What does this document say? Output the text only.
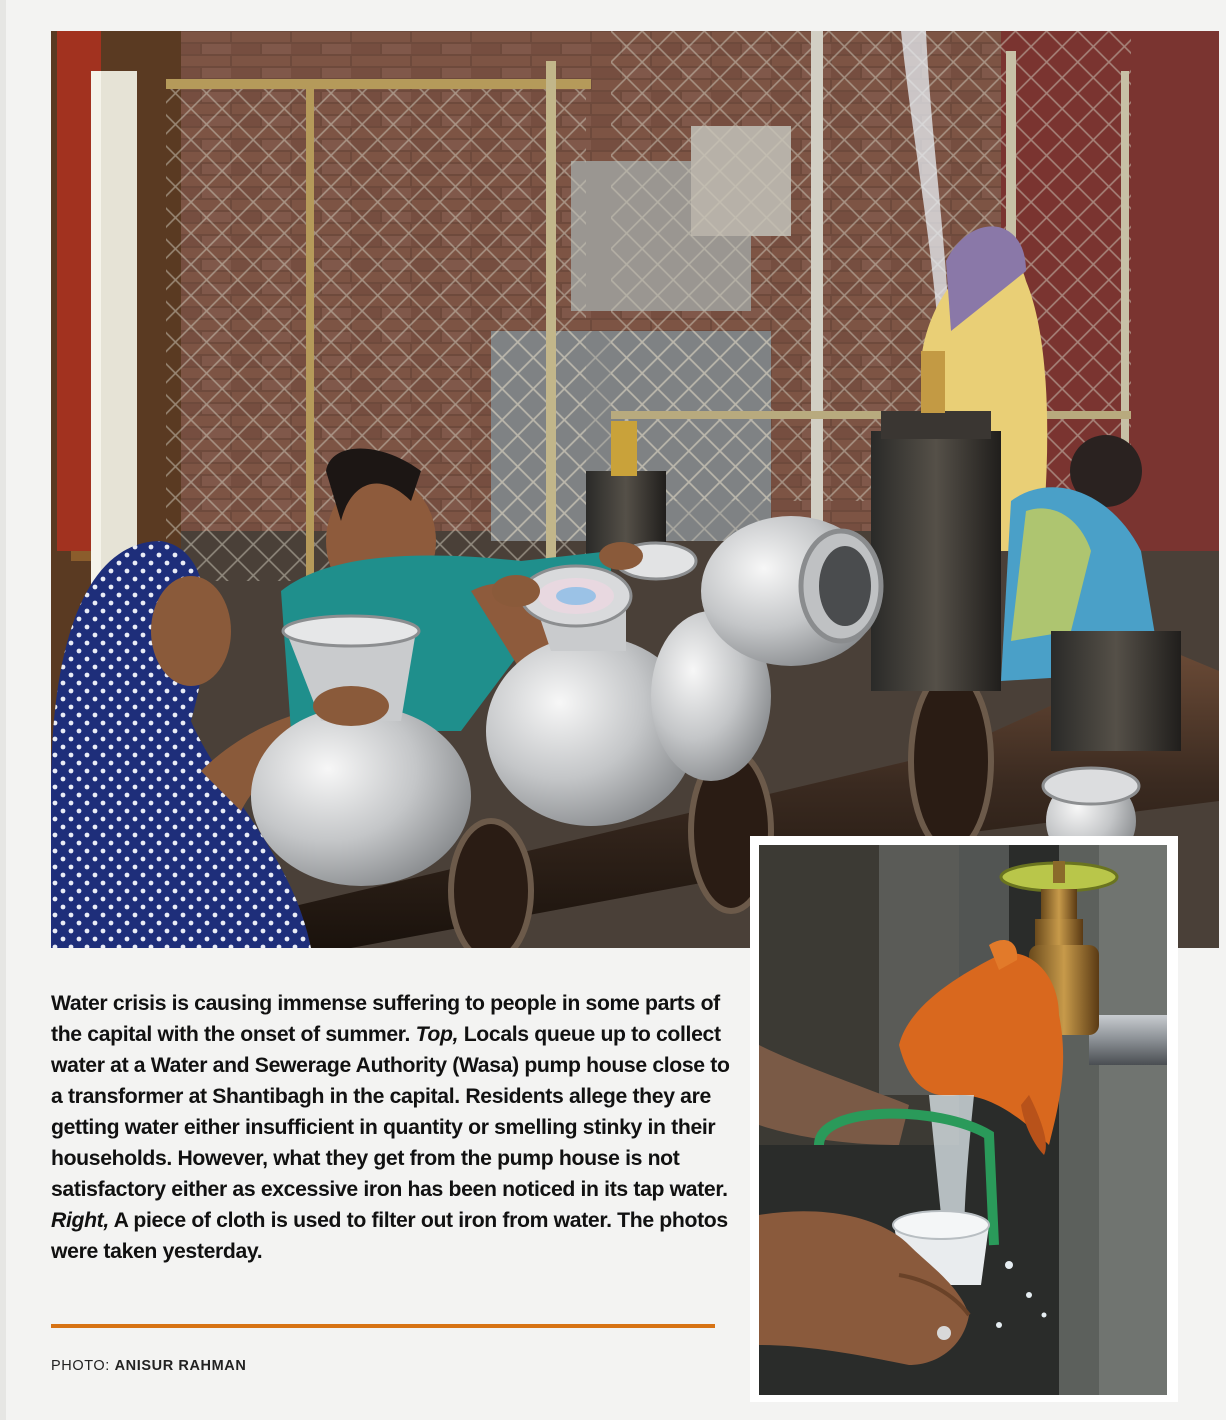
Water crisis is causing immense suffering to people in some parts of the capital with the onset of summer. Top, Locals queue up to collect water at a Water and Sewerage Authority (Wasa) pump house close to a transformer at Shantibagh in the capital. Residents allege they are getting water either insufficient in quantity or smelling stinky in their households. However, what they get from the pump house is not satisfactory either as excessive iron has been noticed in its tap water. Right, A piece of cloth is used to filter out iron from water. The photos were taken yesterday.
PHOTO: ANISUR RAHMAN
